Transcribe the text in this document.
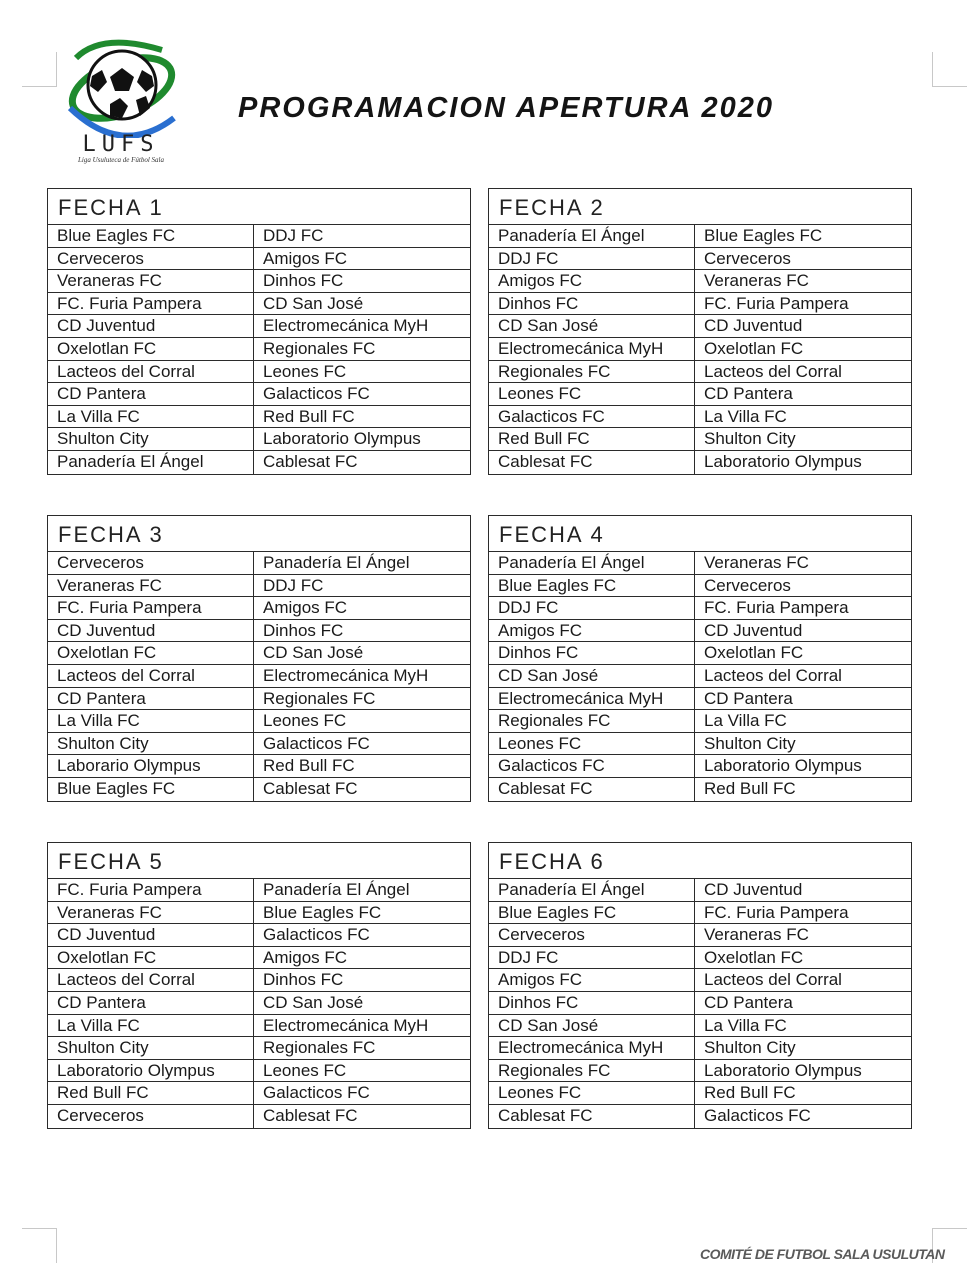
LUFS
Liga Usuluteca de Fútbol Sala
PROGRAMACION APERTURA 2020
FECHA 1
Blue Eagles FC	DDJ FC
Cerveceros	Amigos FC
Veraneras FC	Dinhos FC
FC. Furia Pampera	CD San José
CD Juventud	Electromecánica MyH
Oxelotlan FC	Regionales FC
Lacteos del Corral	Leones FC
CD Pantera	Galacticos FC
La Villa FC	Red Bull FC
Shulton City	Laboratorio Olympus
Panadería El Ángel	Cablesat FC
FECHA 2
Panadería El Ángel	Blue Eagles FC
DDJ FC	Cerveceros
Amigos FC	Veraneras FC
Dinhos FC	FC. Furia Pampera
CD San José	CD Juventud
Electromecánica MyH	Oxelotlan FC
Regionales FC	Lacteos del Corral
Leones FC	CD Pantera
Galacticos FC	La Villa FC
Red Bull FC	Shulton City
Cablesat FC	Laboratorio Olympus
FECHA 3
Cerveceros	Panadería El Ángel
Veraneras FC	DDJ FC
FC. Furia Pampera	Amigos FC
CD Juventud	Dinhos FC
Oxelotlan FC	CD San José
Lacteos del Corral	Electromecánica MyH
CD Pantera	Regionales FC
La Villa FC	Leones FC
Shulton City	Galacticos FC
Laborario Olympus	Red Bull FC
Blue Eagles FC	Cablesat FC
FECHA 4
Panadería El Ángel	Veraneras FC
Blue Eagles FC	Cerveceros
DDJ FC	FC. Furia Pampera
Amigos FC	CD Juventud
Dinhos FC	Oxelotlan FC
CD San José	Lacteos del Corral
Electromecánica MyH	CD Pantera
Regionales FC	La Villa FC
Leones FC	Shulton City
Galacticos FC	Laboratorio Olympus
Cablesat FC	Red Bull FC
FECHA 5
FC. Furia Pampera	Panadería El Ángel
Veraneras FC	Blue Eagles FC
CD Juventud	Galacticos FC
Oxelotlan FC	Amigos FC
Lacteos del Corral	Dinhos FC
CD Pantera	CD San José
La Villa FC	Electromecánica MyH
Shulton City	Regionales FC
Laboratorio Olympus	Leones FC
Red Bull FC	Galacticos FC
Cerveceros	Cablesat FC
FECHA 6
Panadería El Ángel	CD Juventud
Blue Eagles FC	FC. Furia Pampera
Cerveceros	Veraneras FC
DDJ FC	Oxelotlan FC
Amigos FC	Lacteos del Corral
Dinhos FC	CD Pantera
CD San José	La Villa FC
Electromecánica MyH	Shulton City
Regionales FC	Laboratorio Olympus
Leones FC	Red Bull FC
Cablesat FC	Galacticos FC
COMITÉ DE FUTBOL SALA USULUTAN
